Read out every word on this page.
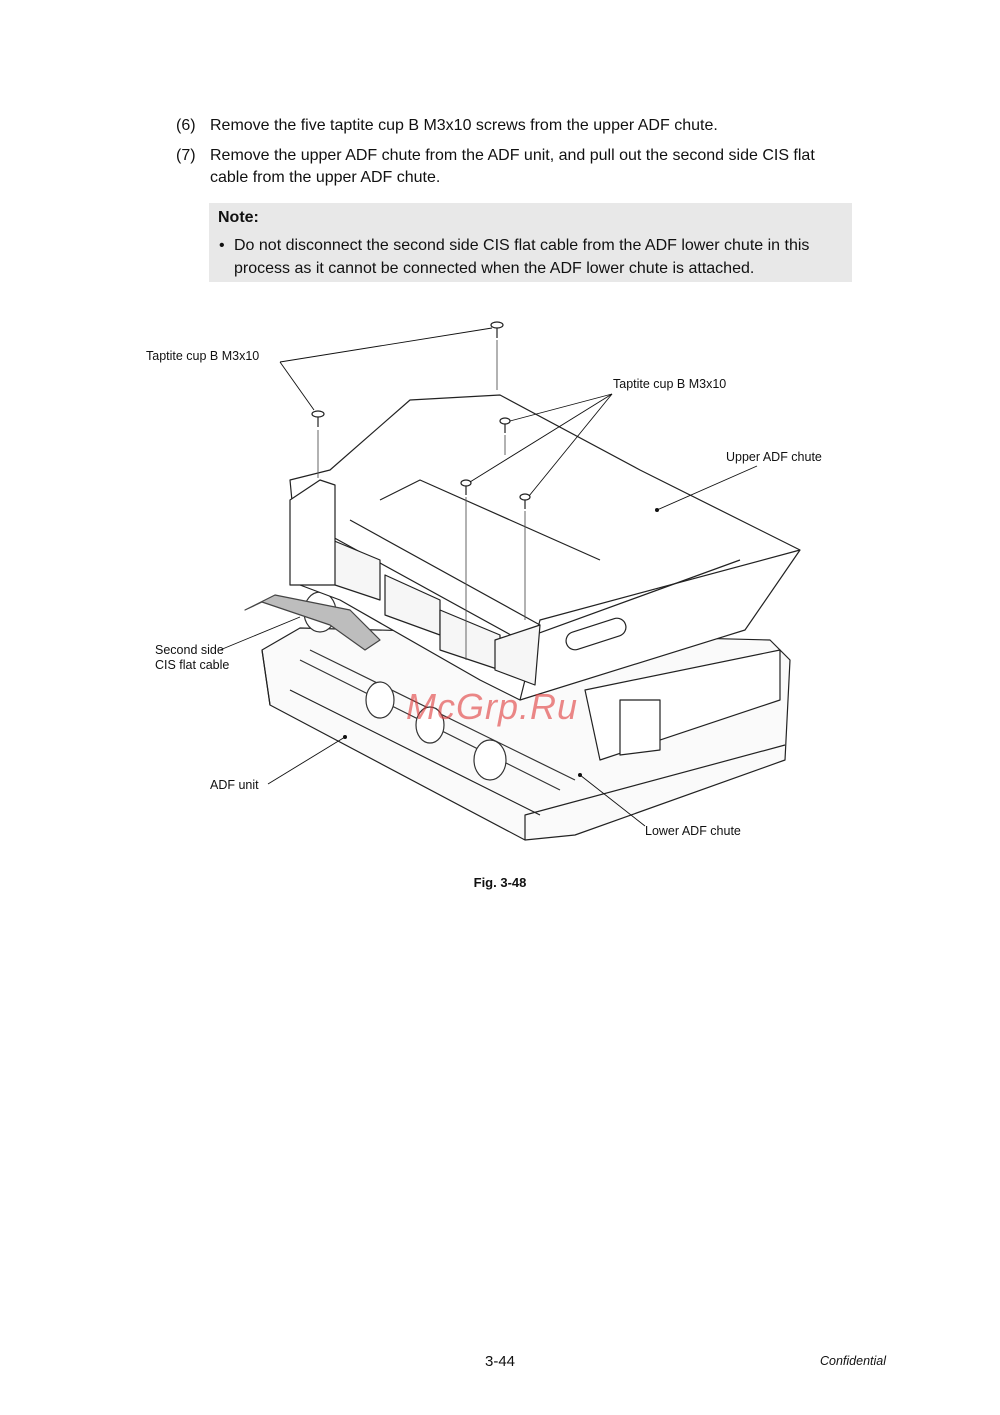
(6) Remove the five taptite cup B M3x10 screws from the upper ADF chute.
(7) Remove the upper ADF chute from the ADF unit, and pull out the second side CIS flat cable from the upper ADF chute.
Note:
• Do not disconnect the second side CIS flat cable from the ADF lower chute in this process as it cannot be connected when the ADF lower chute is attached.
Taptite cup B M3x10
Taptite cup B M3x10
Upper ADF chute
Second side
CIS flat cable
ADF unit
Lower ADF chute
McGrp.Ru
Fig. 3-48
3-44	Confidential
